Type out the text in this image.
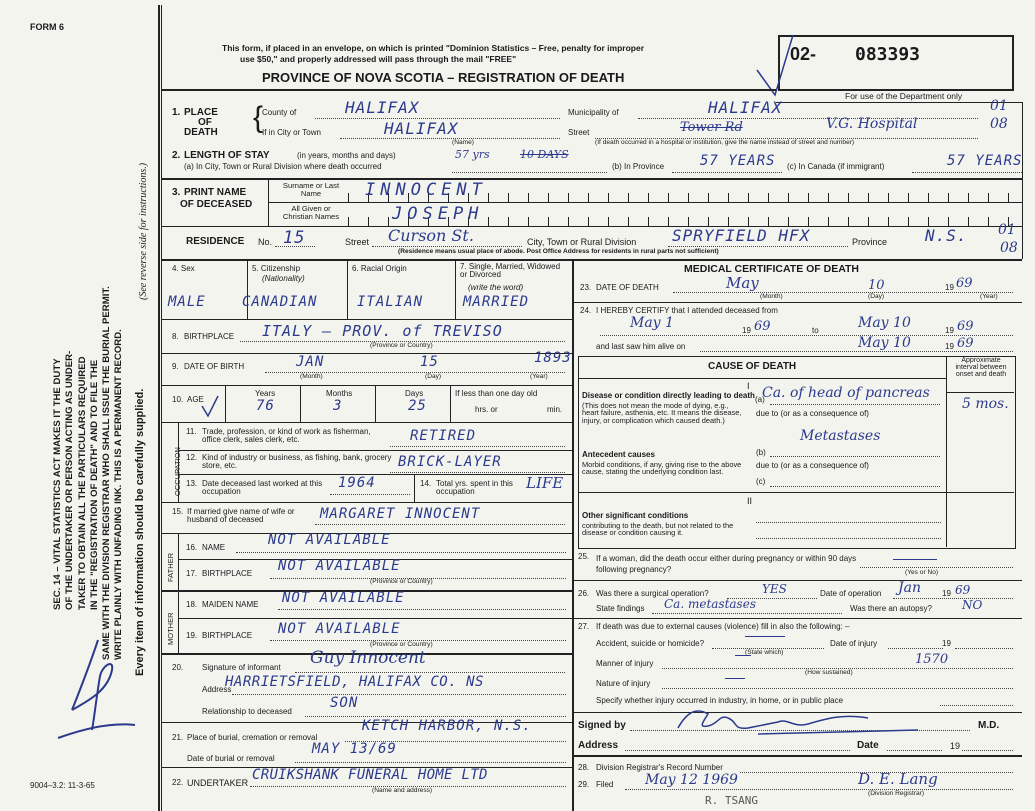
FORM 6
SEC. 14 – VITAL STATISTICS ACT MAKES IT THE DUTY OF THE UNDERTAKER OR PERSON ACTING AS UNDER- TAKER TO OBTAIN ALL THE PARTICULARS REQUIRED IN THE "REGISTRATION OF DEATH" AND TO FILE THE SAME WITH THE DIVISION REGISTRAR WHO SHALL ISSUE THE BURIAL PERMIT. WRITE PLAINLY WITH UNFADING INK. THIS IS A PERMANENT RECORD. Every item of information should be carefully supplied.
(See reverse side for instructions.)
9004–3.2: 11-3-65
This form, if placed in an envelope, on which is printed "Dominion Statistics – Free, penalty for improper
use $50," and properly addressed will pass through the mail "FREE"
PROVINCE OF NOVA SCOTIA – REGISTRATION OF DEATH
02- 083393
For use of the Department only
1. PLACE
OF
DEATH {
County of	HALIFAX	Municipality of	HALIFAX	01
If in City or Town	HALIFAX
(Name)
Street	Tower Rd	V.G. Hospital	08
(If death occurred in a hospital or institution, give the name instead of street and number)
2. LENGTH OF STAY	(in years, months and days)
(a) In City, Town or Rural Division where death occurred
57 yrs	10 DAYS
(b) In Province	57 YEARS (c) In Canada (if immigrant)	57 YEARS
3. PRINT NAME
OF DECEASED
Surname or Last Name
All Given or Christian Names
INNOCENT
JOSEPH
RESIDENCE No. 15	Street Curson St.	City, Town or Rural Division SPRYFIELD HFX	Province N.S. 01
08
(Residence means usual place of abode. Post Office Address for residents in rural parts not sufficient)
4. Sex
MALE
5. Citizenship
(Nationality)
CANADIAN
6. Racial Origin
ITALIAN
7. Single, Married, Widowed or Divorced
(write the word)
MARRIED
8. BIRTHPLACE ITALY – PROV. of TREVISO
(Province or Country)
9. DATE OF BIRTH	JAN	15	1893
(Month)	(Day)	(Year)
10. AGE
Years	Months	Days
76	3	25
If less than one day old
hrs. or	min.
OCCUPATION
11. Trade, profession, or kind of work as fisherman, office clerk, sales clerk, etc.	RETIRED
12. Kind of industry or business, as fishing, bank, grocery store, etc.	BRICK-LAYER
13. Date deceased last worked at this occupation
1964	14. Total yrs. spent in this occupation	LIFE
15. If married give name of wife or husband of deceased	MARGARET INNOCENT
FATHER
MOTHER
16. NAME	NOT AVAILABLE
17. BIRTHPLACE NOT AVAILABLE
(Province or Country)
18. MAIDEN NAME NOT AVAILABLE
19. BIRTHPLACE NOT AVAILABLE
(Province or Country)
20. Signature of informant Guy Innocent
Address
HARRIETSFIELD, HALIFAX CO. NS
Relationship to deceased
SON
21. Place of burial, cremation or removal
KETCH HARBOR, N.S.
Date of burial or removal
MAY 13/69
22. UNDERTAKER CRUIKSHANK FUNERAL HOME LTD
(Name and address)
MEDICAL CERTIFICATE OF DEATH
23. DATE OF DEATH	May	10	19 69
(Month)	(Day)	(Year)
24. I HEREBY CERTIFY that I attended deceased from
May 1	19 69	to	May 10	19 69
and last saw him alive on	May 10	19 69
CAUSE OF DEATH
Approximate interval between onset and death
I
Disease or condition directly leading to death
(This does not mean the mode of dying, e.g., heart failure, asthenia, etc. It means the disease, injury, or complication which caused death.)
(a)
Ca. of head of pancreas
5 mos.
due to (or as a consequence of)
Metastases
Antecedent causes
Morbid conditions, if any, giving rise to the above cause, stating the underlying condition last.
(b)
due to (or as a consequence of)
(c)
II
Other significant conditions
contributing to the death, but not related to the disease or condition causing it.
25. If a woman, did the death occur either during pregnancy or within 90 days following pregnancy?	(Yes or No)
26. Was there a surgical operation?	YES	Date of operation Jan	19 69
State findings Ca. metastases	Was there an autopsy?	NO
27. If death was due to external causes (violence) fill in also the following: –
Accident, suicide or homicide?
(State which)
Date of injury	19
Manner of injury	1570
(How sustained)
Nature of injury
Specify whether injury occurred in industry, in home, or in public place
Signed by	M.D.
Address	Date	19
28. Division Registrar's Record Number
29. Filed May 12 1969	D. E. Lang
(Division Registrar)
R. TSANG
